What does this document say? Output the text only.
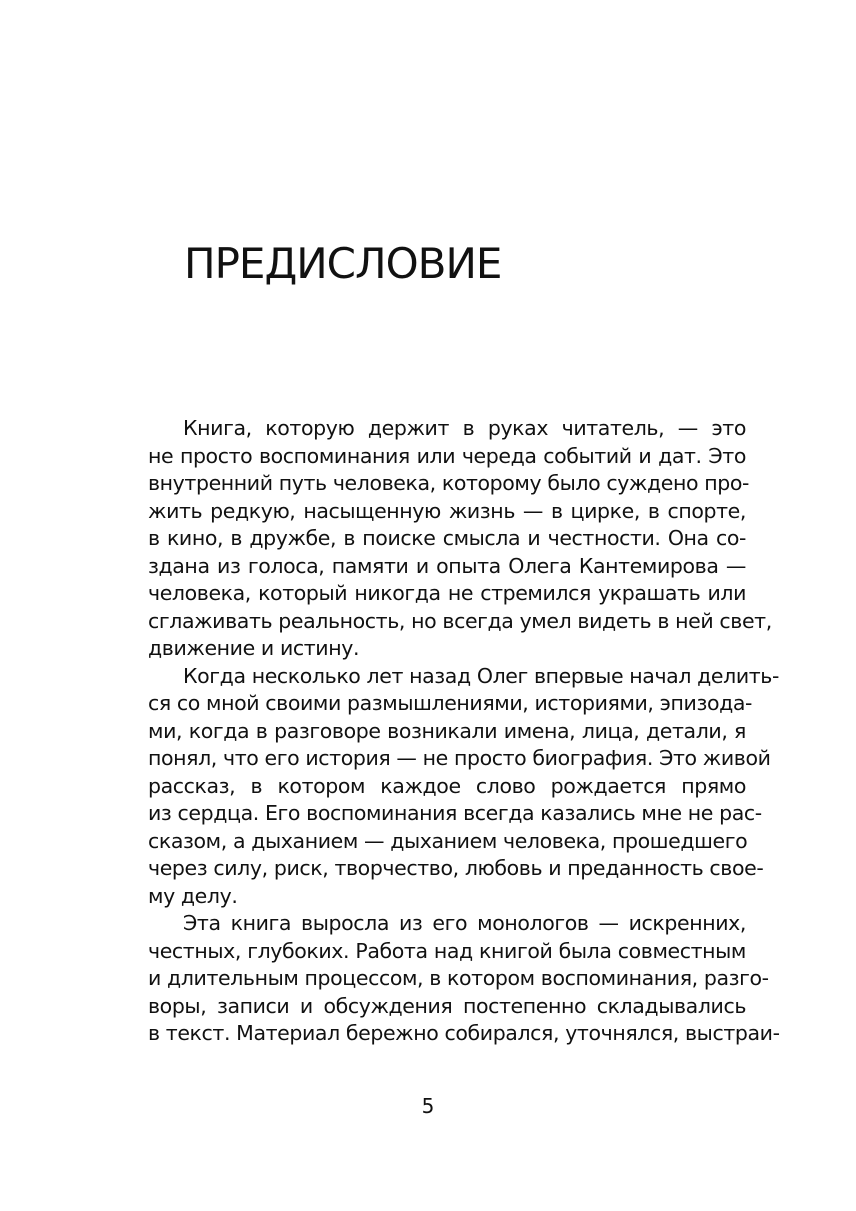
ПРЕДИСЛОВИЕ
Книга, которую держит в руках читатель, — это
не просто воспоминания или череда событий и дат. Это
внутренний путь человека, которому было суждено про-
жить редкую, насыщенную жизнь — в цирке, в спорте,
в кино, в дружбе, в поиске смысла и честности. Она со-
здана из голоса, памяти и опыта Олега Кантемирова —
человека, который никогда не стремился украшать или
сглаживать реальность, но всегда умел видеть в ней свет,
движение и истину.
Когда несколько лет назад Олег впервые начал делить-
ся со мной своими размышлениями, историями, эпизода-
ми, когда в разговоре возникали имена, лица, детали, я
понял, что его история — не просто биография. Это живой
рассказ, в котором каждое слово рождается прямо
из сердца. Его воспоминания всегда казались мне не рас-
сказом, а дыханием — дыханием человека, прошедшего
через силу, риск, творчество, любовь и преданность свое-
му делу.
Эта книга выросла из его монологов — искренних,
честных, глубоких. Работа над книгой была совместным
и длительным процессом, в котором воспоминания, разго-
воры, записи и обсуждения постепенно складывались
в текст. Материал бережно собирался, уточнялся, выстраи-
5
